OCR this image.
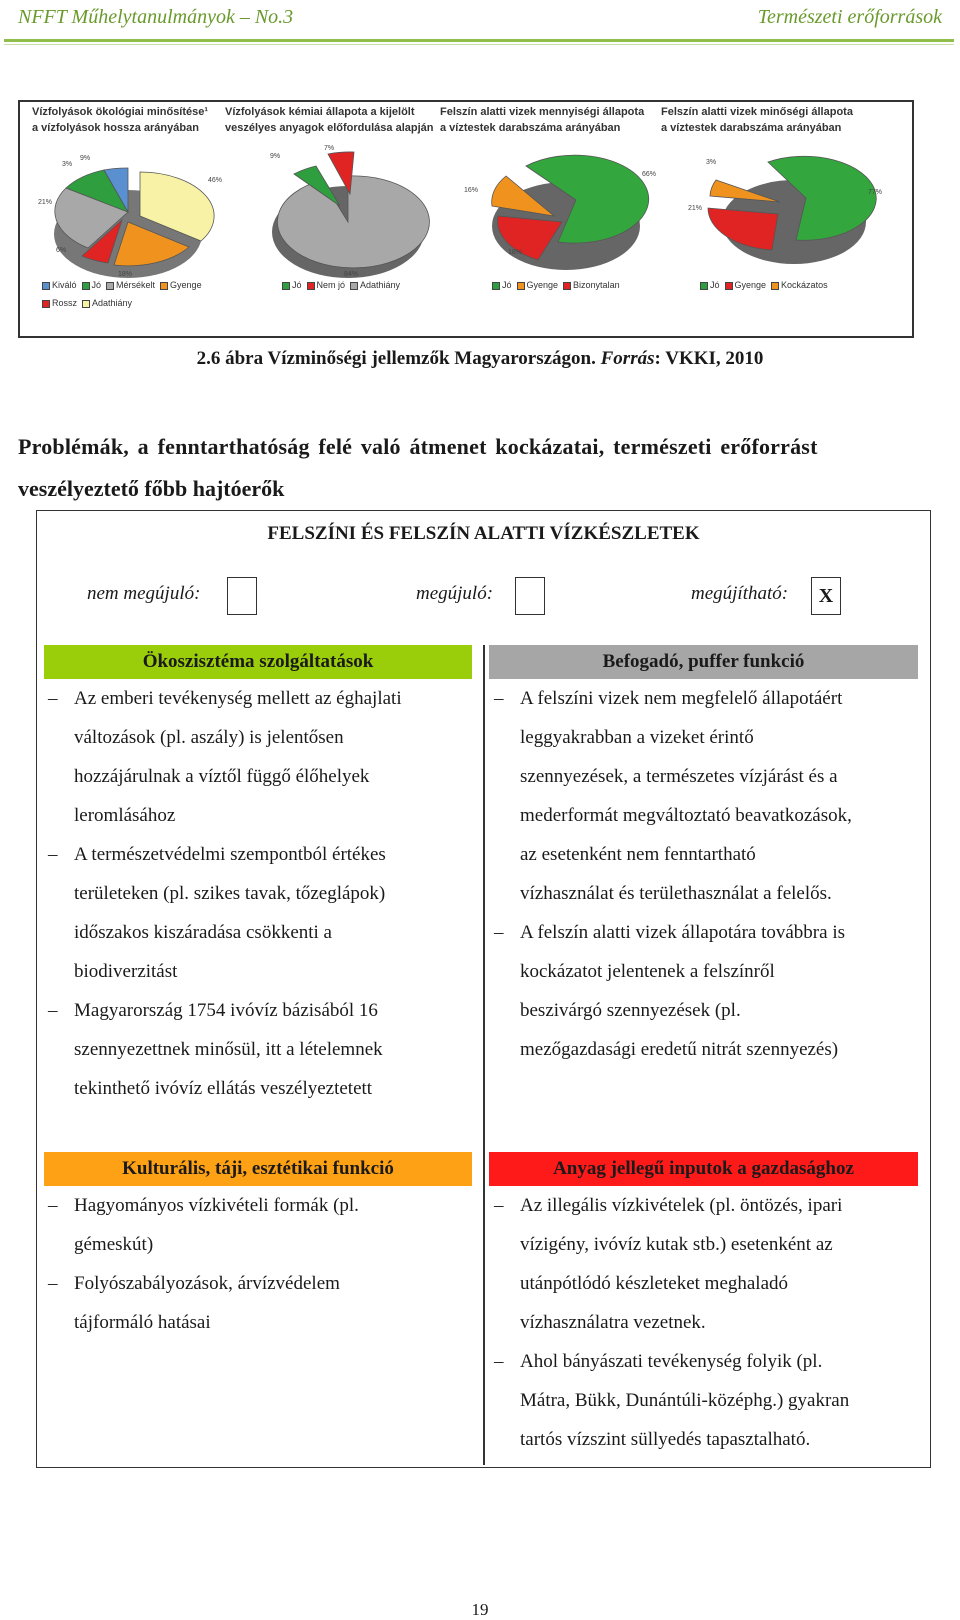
NFFT Műhelytanulmányok – No.3	Természeti erőforrások
Vízfolyások ökológiai minősítése¹
a vízfolyások hossza arányában
Vízfolyások kémiai állapota a kijelölt
veszélyes anyagok előfordulása alapján
Felszín alatti vizek mennyiségi állapota
a víztestek darabszáma arányában
Felszín alatti vizek minőségi állapota
a víztestek darabszáma arányában
9%
21%
6%
18%
46%
3%
9%
7%
84%
66%
16%
18%
77%
21%
3%
Kiváló Jó Mérsékelt Gyenge
Rossz Adathiány
Jó Nem jó Adathiány	Jó Gyenge Bizonytalan	Jó Gyenge Kockázatos
2.6 ábra Vízminőségi jellemzők Magyarországon. Forrás: VKKI, 2010
Problémák, a fenntarthatóság felé való átmenet kockázatai, természeti erőforrást
veszélyeztető főbb hajtóerők
FELSZÍNI ÉS FELSZÍN ALATTI VÍZKÉSZLETEK
nem megújuló:	megújuló:	megújítható:	X
Ökoszisztéma szolgáltatások	Befogadó, puffer funkció
Kulturális, táji, esztétikai funkció	Anyag jellegű inputok a gazdasághoz
– Az emberi tevékenység mellett az éghajlati
változások (pl. aszály) is jelentősen
hozzájárulnak a víztől függő élőhelyek
leromlásához
– A természetvédelmi szempontból értékes
területeken (pl. szikes tavak, tőzeglápok)
időszakos kiszáradása csökkenti a
biodiverzitást
– Magyarország 1754 ivóvíz bázisából 16
szennyezettnek minősül, itt a lételemnek
tekinthető ivóvíz ellátás veszélyeztetett
– A felszíni vizek nem megfelelő állapotáért
leggyakrabban a vizeket érintő
szennyezések, a természetes vízjárást és a
mederformát megváltoztató beavatkozások,
az esetenként nem fenntartható
vízhasználat és területhasználat a felelős.
– A felszín alatti vizek állapotára továbbra is
kockázatot jelentenek a felszínről
beszivárgó szennyezések (pl.
mezőgazdasági eredetű nitrát szennyezés)
– Hagyományos vízkivételi formák (pl.
gémeskút)
– Folyószabályozások, árvízvédelem
tájformáló hatásai
– Az illegális vízkivételek (pl. öntözés, ipari
vízigény, ivóvíz kutak stb.) esetenként az
utánpótlódó készleteket meghaladó
vízhasználatra vezetnek.
– Ahol bányászati tevékenység folyik (pl.
Mátra, Bükk, Dunántúli-középhg.) gyakran
tartós vízszint süllyedés tapasztalható.
19
